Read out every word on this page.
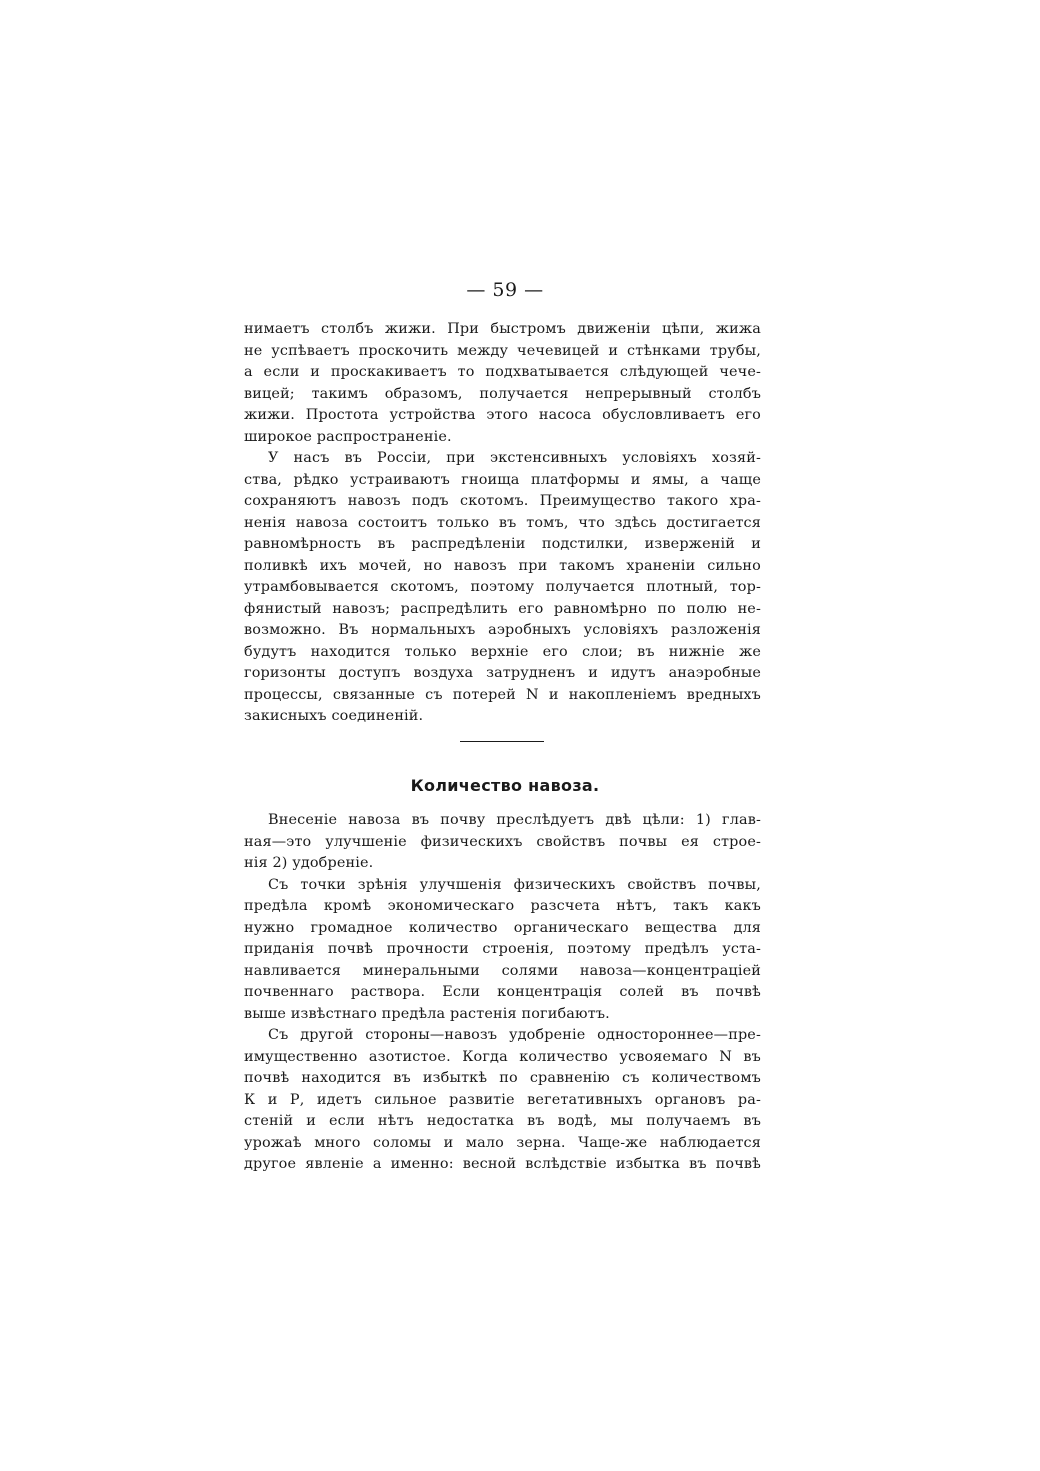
— 59 —

нимаетъ столбъ жижи. При быстромъ движенiи цѣпи, жижа
не успѣваетъ проскочить между чечевицей и стѣнками трубы,
а если и проскакиваетъ то подхватывается слѣдующей чече-
вицей; такимъ образомъ, получается непрерывный столбъ
жижи. Простота устройства этого насоса обусловливаетъ его
широкое распространенiе.

У насъ въ Россiи, при экстенсивныхъ условiяхъ хозяй-
ства, рѣдко устраиваютъ гноища платформы и ямы, а чаще
сохраняютъ навозъ подъ скотомъ. Преимущество такого хра-
ненiя навоза состоитъ только въ томъ, что здѣсь достигается
равномѣрность въ распредѣленiи подстилки, изверженiй и
поливкѣ ихъ мочей, но навозъ при такомъ храненiи сильно
утрамбовывается скотомъ, поэтому получается плотный, тор-
фянистый навозъ; распредѣлить его равномѣрно по полю не-
возможно. Въ нормальныхъ аэробныхъ условiяхъ разложенiя
будутъ находится только верхнiе его слои; въ нижнiе же
горизонты доступъ воздуха затрудненъ и идутъ анаэробные
процессы, связанные съ потерей N и накопленiемъ вредныхъ
закисныхъ соединенiй.

Количество навоза.

Внесенiе навоза въ почву преслѣдуетъ двѣ цѣли: 1) глав-
ная—это улучшенiе физическихъ свойствъ почвы ея строе-
нiя 2) удобренiе.

Съ точки зрѣнiя улучшенiя физическихъ свойствъ почвы,
предѣла кромѣ экономическаго разсчета нѣтъ, такъ какъ
нужно громадное количество органическаго вещества для
приданiя почвѣ прочности строенiя, поэтому предѣлъ уста-
навливается минеральными солями навоза—концентрацiей
почвеннаго раствора. Если концентрацiя солей въ почвѣ
выше извѣстнаго предѣла растенiя погибаютъ.

Съ другой стороны—навозъ удобренiе одностороннее—пре-
имущественно азотистое. Когда количество усвояемаго N въ
почвѣ находится въ избыткѣ по сравненiю съ количествомъ
К и Р, идетъ сильное развитiе вегетативныхъ органовъ ра-
стенiй и если нѣтъ недостатка въ водѣ, мы получаемъ въ
урожаѣ много соломы и мало зерна. Чаще-же наблюдается
другое явленiе а именно: весной вслѣдствiе избытка въ почвѣ
